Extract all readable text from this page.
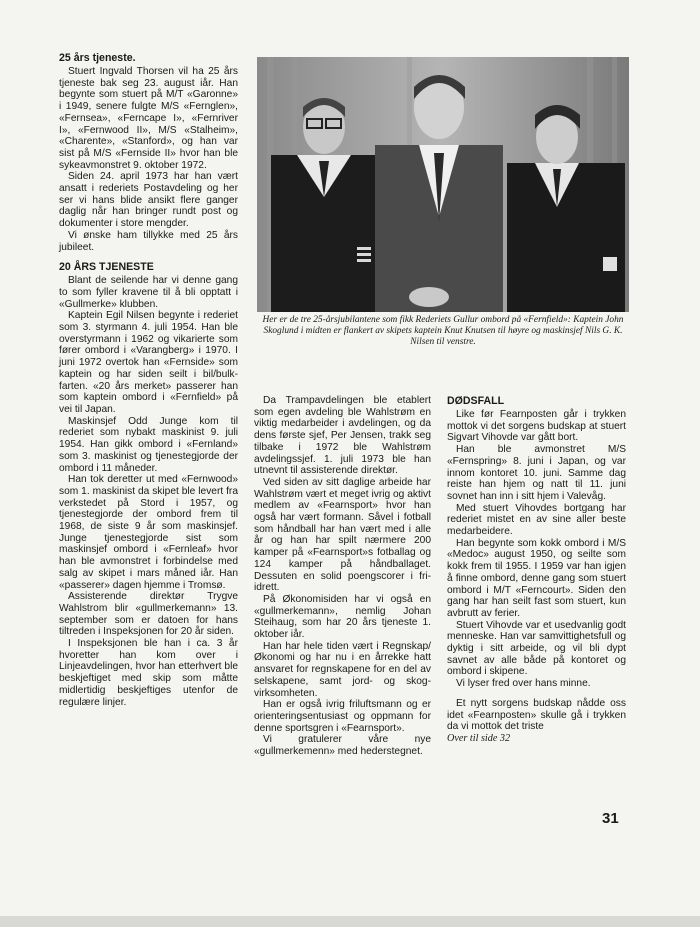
25 års tjeneste.

Stuert Ingvald Thorsen vil ha 25 års tjeneste bak seg 23. august iår. Han begynte som stuert på M/T «Garonne» i 1949, senere fulgte M/S «Fernglen», «Fernsea», «Ferncape I», «Fernriver I», «Fernwood II», M/S «Stalheim», «Charente», «Stanford», og han var sist på M/S «Fernside II» hvor han ble sykeavmonstret 9. oktober 1972.

Siden 24. april 1973 har han vært ansatt i rederiets Postavdeling og her ser vi hans blide ansikt flere ganger daglig når han bringer rundt post og dokumenter i store mengder.

Vi ønske ham tillykke med 25 års jubileet.

20 ÅRS TJENESTE

Blant de seilende har vi denne gang to som fyller kravene til å bli opptatt i «Gullmerke» klubben.

Kaptein Egil Nilsen begynte i rederiet som 3. styrmann 4. juli 1954. Han ble overstyrmann i 1962 og vikarierte som fører ombord i «Varangberg» i 1970. I juni 1972 overtok han «Fernside» som kaptein og har siden seilt i bil/bulk-farten. «20 års merket» passerer han som kaptein ombord i «Fernfield» på vei til Japan.

Maskinsjef Odd Junge kom til rederiet som nybakt maskinist 9. juli 1954. Han gikk ombord i «Fernland» som 3. maskinist og tjenestegjorde der ombord i 11 måneder.

Han tok deretter ut med «Fernwood» som 1. maskinist da skipet ble levert fra verkstedet på Stord i 1957, og tjenestegjorde der ombord frem til 1968, de siste 9 år som maskinsjef. Junge tjenestegjorde sist som maskinsjef ombord i «Fernleaf» hvor han ble avmonstret i forbindelse med salg av skipet i mars måned iår. Han «passerer» dagen hjemme i Tromsø.

Assisterende direktør Trygve Wahlstrom blir «gullmerkemann» 13. september som er datoen for hans tiltreden i Inspeksjonen for 20 år siden.

I Inspeksjonen ble han i ca. 3 år hvoretter han kom over i Linjeavdelingen, hvor han etterhvert ble beskjeftiget med skip som måtte midlertidig beskjeftiges utenfor de regulære linjer.

Her er de tre 25-årsjubilantene som fikk Rederiets Gullur ombord på «Fernfield»: Kaptein John Skoglund i midten er flankert av skipets kaptein Knut Knutsen til høyre og maskinsjef Nils G. K. Nilsen til venstre.

Da Trampavdelingen ble etablert som egen avdeling ble Wahlstrøm en viktig medarbeider i avdelingen, og da dens første sjef, Per Jensen, trakk seg tilbake i 1972 ble Wahlstrøm avdelingssjef. 1. juli 1973 ble han utnevnt til assisterende direktør.

Ved siden av sitt daglige arbeide har Wahlstrøm vært et meget ivrig og aktivt medlem av «Fearnsport» hvor han også har vært formann. Såvel i fotball som håndball har han vært med i alle år og han har spilt nærmere 200 kamper på «Fearnsport»s fotballag og 124 kamper på håndballaget. Dessuten en solid poengscorer i fri-idrett.

På Økonomisiden har vi også en «gullmerkemann», nemlig Johan Steihaug, som har 20 års tjeneste 1. oktober iår.

Han har hele tiden vært i Regnskap/Økonomi og har nu i en årrekke hatt ansvaret for regnskapene for en del av selskapene, samt jord- og skog-virksomheten.

Han er også ivrig friluftsmann og er orienteringsentusiast og oppmann for denne sportsgren i «Fearnsport».

Vi gratulerer våre nye «gullmerkemenn» med hederstegnet.

DØDSFALL

Like før Fearnposten går i trykken mottok vi det sorgens budskap at stuert Sigvart Vihovde var gått bort.

Han ble avmonstret M/S «Fernspring» 8. juni i Japan, og var innom kontoret 10. juni. Samme dag reiste han hjem og natt til 11. juni sovnet han inn i sitt hjem i Valevåg.

Med stuert Vihovdes bortgang har rederiet mistet en av sine aller beste medarbeidere.

Han begynte som kokk ombord i M/S «Medoc» august 1950, og seilte som kokk frem til 1955. I 1959 var han igjen å finne ombord, denne gang som stuert ombord i M/T «Ferncourt». Siden den gang har han seilt fast som stuert, kun avbrutt av ferier.

Stuert Vihovde var et usedvanlig godt menneske. Han var samvittighetsfull og dyktig i sitt arbeide, og vil bli dypt savnet av alle både på kontoret og ombord i skipene.

Vi lyser fred over hans minne.

Et nytt sorgens budskap nådde oss idet «Fearnposten» skulle gå i trykken da vi mottok det triste

Over til side 32

31
